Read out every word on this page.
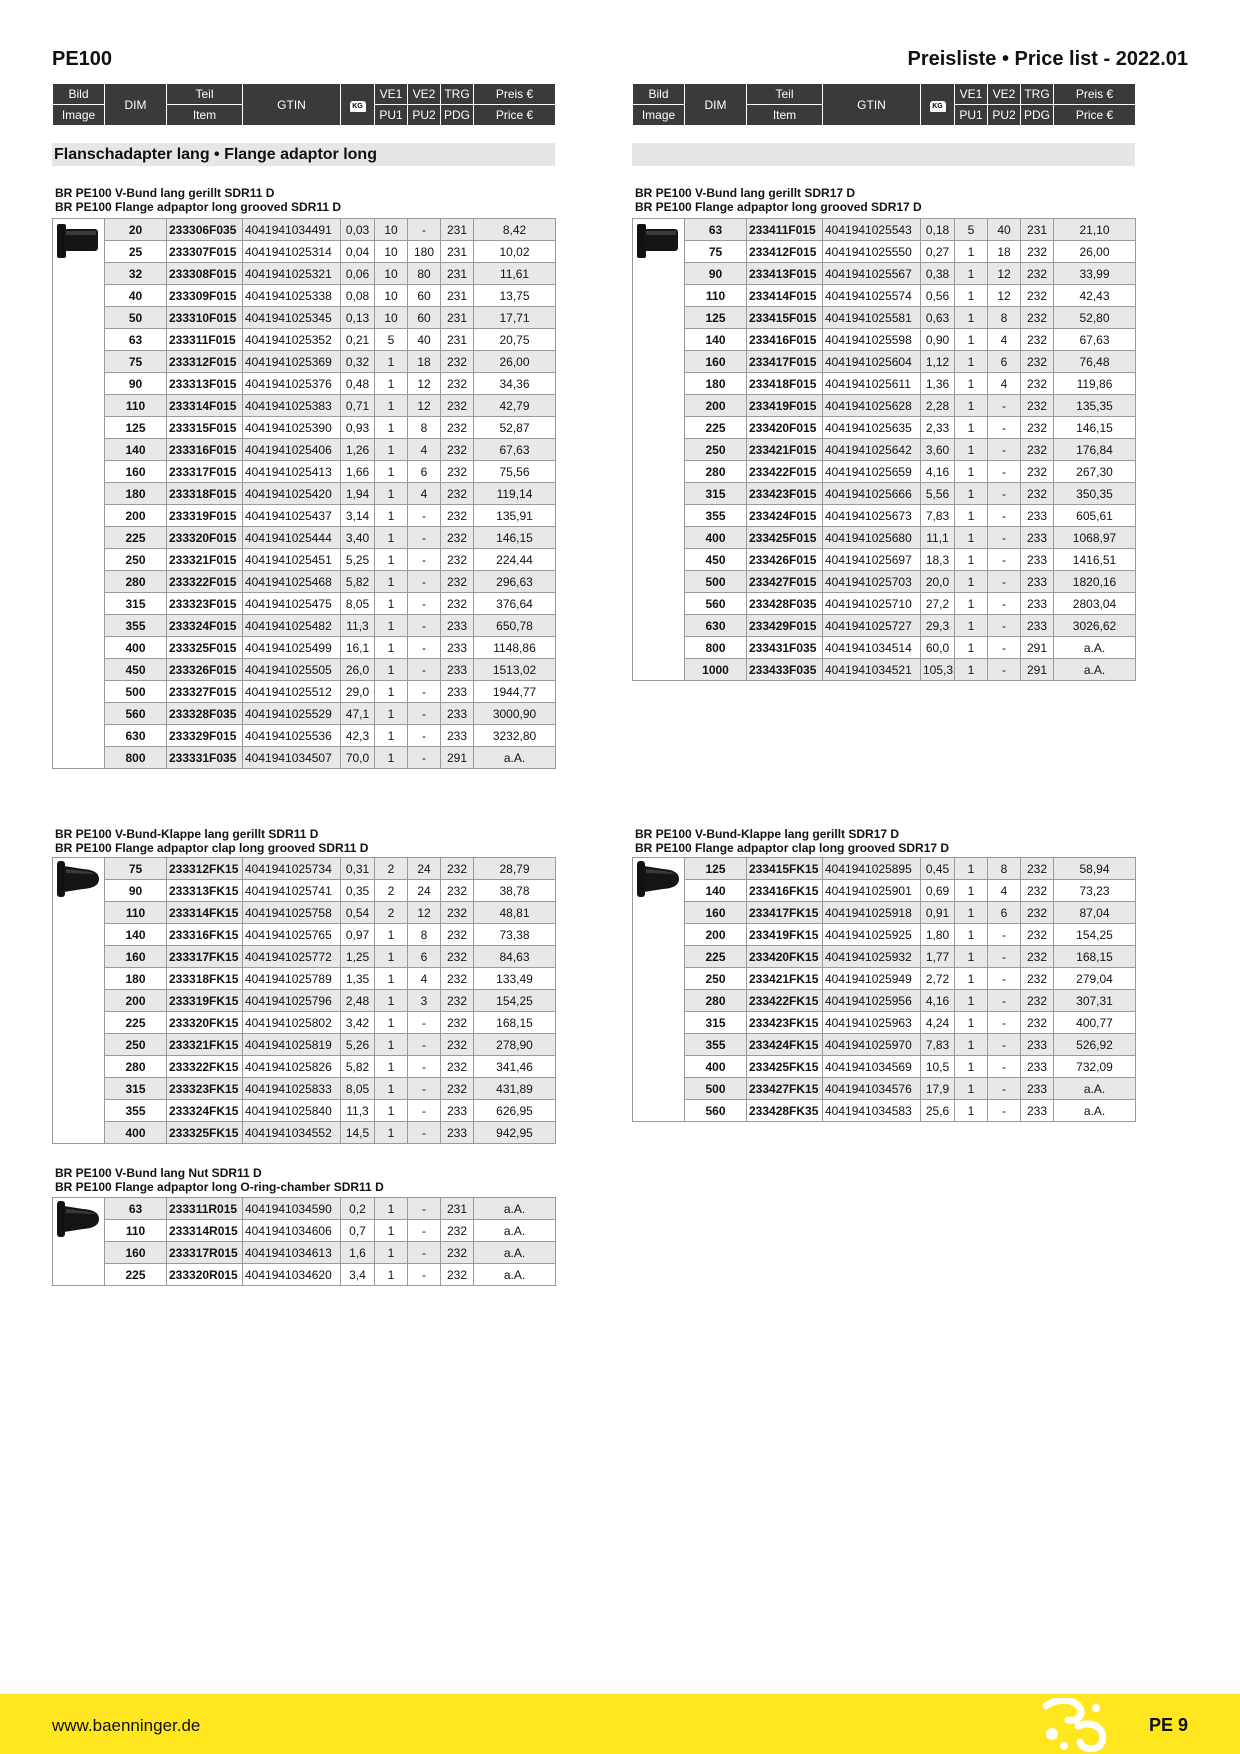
PE100	Preisliste • Price list - 2022.01
Bild	DIM	Teil	GTIN	KG	VE1	VE2	TRG	Preis €
Image		Item			PU1	PU2	PDG	Price €
Bild	DIM	Teil	GTIN	KG	VE1	VE2	TRG	Preis €
Image		Item			PU1	PU2	PDG	Price €
Flanschadapter lang • Flange adaptor long
BR PE100 V-Bund lang gerillt SDR11 D
BR PE100 Flange adpaptor long grooved SDR11 D
BR PE100 V-Bund lang gerillt SDR17 D
BR PE100 Flange adpaptor long grooved SDR17 D
BR PE100 V-Bund-Klappe lang gerillt SDR11 D
BR PE100 Flange adpaptor clap long grooved SDR11 D
BR PE100 V-Bund-Klappe lang gerillt SDR17 D
BR PE100 Flange adpaptor clap long grooved SDR17 D
BR PE100 V-Bund lang Nut SDR11 D
BR PE100 Flange adpaptor long O-ring-chamber SDR11 D
	20	233306F035	4041941034491	0,03	10	-	231	8,42
	25	233307F015	4041941025314	0,04	10	180	231	10,02
	32	233308F015	4041941025321	0,06	10	80	231	11,61
	40	233309F015	4041941025338	0,08	10	60	231	13,75
	50	233310F015	4041941025345	0,13	10	60	231	17,71
	63	233311F015	4041941025352	0,21	5	40	231	20,75
	75	233312F015	4041941025369	0,32	1	18	232	26,00
	90	233313F015	4041941025376	0,48	1	12	232	34,36
	110	233314F015	4041941025383	0,71	1	12	232	42,79
	125	233315F015	4041941025390	0,93	1	8	232	52,87
	140	233316F015	4041941025406	1,26	1	4	232	67,63
	160	233317F015	4041941025413	1,66	1	6	232	75,56
	180	233318F015	4041941025420	1,94	1	4	232	119,14
	200	233319F015	4041941025437	3,14	1	-	232	135,91
	225	233320F015	4041941025444	3,40	1	-	232	146,15
	250	233321F015	4041941025451	5,25	1	-	232	224,44
	280	233322F015	4041941025468	5,82	1	-	232	296,63
	315	233323F015	4041941025475	8,05	1	-	232	376,64
	355	233324F015	4041941025482	11,3	1	-	233	650,78
	400	233325F015	4041941025499	16,1	1	-	233	1148,86
	450	233326F015	4041941025505	26,0	1	-	233	1513,02
	500	233327F015	4041941025512	29,0	1	-	233	1944,77
	560	233328F035	4041941025529	47,1	1	-	233	3000,90
	630	233329F015	4041941025536	42,3	1	-	233	3232,80
	800	233331F035	4041941034507	70,0	1	-	291	a.A.
	63	233411F015	4041941025543	0,18	5	40	231	21,10
	75	233412F015	4041941025550	0,27	1	18	232	26,00
	90	233413F015	4041941025567	0,38	1	12	232	33,99
	110	233414F015	4041941025574	0,56	1	12	232	42,43
	125	233415F015	4041941025581	0,63	1	8	232	52,80
	140	233416F015	4041941025598	0,90	1	4	232	67,63
	160	233417F015	4041941025604	1,12	1	6	232	76,48
	180	233418F015	4041941025611	1,36	1	4	232	119,86
	200	233419F015	4041941025628	2,28	1	-	232	135,35
	225	233420F015	4041941025635	2,33	1	-	232	146,15
	250	233421F015	4041941025642	3,60	1	-	232	176,84
	280	233422F015	4041941025659	4,16	1	-	232	267,30
	315	233423F015	4041941025666	5,56	1	-	232	350,35
	355	233424F015	4041941025673	7,83	1	-	233	605,61
	400	233425F015	4041941025680	11,1	1	-	233	1068,97
	450	233426F015	4041941025697	18,3	1	-	233	1416,51
	500	233427F015	4041941025703	20,0	1	-	233	1820,16
	560	233428F035	4041941025710	27,2	1	-	233	2803,04
	630	233429F015	4041941025727	29,3	1	-	233	3026,62
	800	233431F035	4041941034514	60,0	1	-	291	a.A.
	1000	233433F035	4041941034521	105,3	1	-	291	a.A.
	75	233312FK15	4041941025734	0,31	2	24	232	28,79
	90	233313FK15	4041941025741	0,35	2	24	232	38,78
	110	233314FK15	4041941025758	0,54	2	12	232	48,81
	140	233316FK15	4041941025765	0,97	1	8	232	73,38
	160	233317FK15	4041941025772	1,25	1	6	232	84,63
	180	233318FK15	4041941025789	1,35	1	4	232	133,49
	200	233319FK15	4041941025796	2,48	1	3	232	154,25
	225	233320FK15	4041941025802	3,42	1	-	232	168,15
	250	233321FK15	4041941025819	5,26	1	-	232	278,90
	280	233322FK15	4041941025826	5,82	1	-	232	341,46
	315	233323FK15	4041941025833	8,05	1	-	232	431,89
	355	233324FK15	4041941025840	11,3	1	-	233	626,95
	400	233325FK15	4041941034552	14,5	1	-	233	942,95
	125	233415FK15	4041941025895	0,45	1	8	232	58,94
	140	233416FK15	4041941025901	0,69	1	4	232	73,23
	160	233417FK15	4041941025918	0,91	1	6	232	87,04
	200	233419FK15	4041941025925	1,80	1	-	232	154,25
	225	233420FK15	4041941025932	1,77	1	-	232	168,15
	250	233421FK15	4041941025949	2,72	1	-	232	279,04
	280	233422FK15	4041941025956	4,16	1	-	232	307,31
	315	233423FK15	4041941025963	4,24	1	-	232	400,77
	355	233424FK15	4041941025970	7,83	1	-	233	526,92
	400	233425FK15	4041941034569	10,5	1	-	233	732,09
	500	233427FK15	4041941034576	17,9	1	-	233	a.A.
	560	233428FK35	4041941034583	25,6	1	-	233	a.A.
	63	233311R015	4041941034590	0,2	1	-	231	a.A.
	110	233314R015	4041941034606	0,7	1	-	232	a.A.
	160	233317R015	4041941034613	1,6	1	-	232	a.A.
	225	233320R015	4041941034620	3,4	1	-	232	a.A.
www.baenninger.de	PE 9
